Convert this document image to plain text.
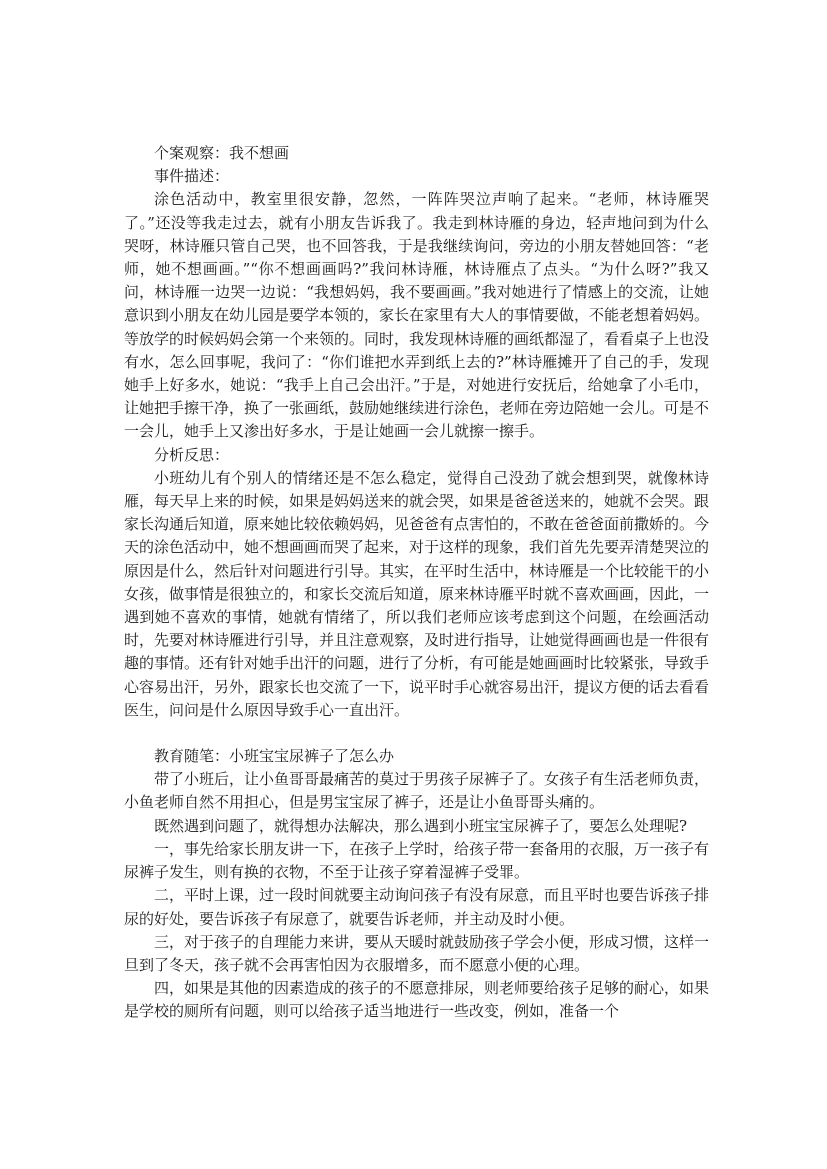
个案观察：我不想画

事件描述：

涂色活动中，教室里很安静，忽然，一阵阵哭泣声响了起来。“老师，林诗雁哭了。”还没等我走过去，就有小朋友告诉我了。我走到林诗雁的身边，轻声地问到为什么哭呀，林诗雁只管自己哭，也不回答我，于是我继续询问，旁边的小朋友替她回答：“老师，她不想画画。”“你不想画画吗?”我问林诗雁，林诗雁点了点头。“为什么呀?”我又问，林诗雁一边哭一边说：“我想妈妈，我不要画画。”我对她进行了情感上的交流，让她意识到小朋友在幼儿园是要学本领的，家长在家里有大人的事情要做，不能老想着妈妈。等放学的时候妈妈会第一个来领的。同时，我发现林诗雁的画纸都湿了，看看桌子上也没有水，怎么回事呢，我问了：“你们谁把水弄到纸上去的?”林诗雁摊开了自己的手，发现她手上好多水，她说：“我手上自己会出汗。”于是，对她进行安抚后，给她拿了小毛巾，让她把手擦干净，换了一张画纸，鼓励她继续进行涂色，老师在旁边陪她一会儿。可是不一会儿，她手上又渗出好多水，于是让她画一会儿就擦一擦手。

分析反思：

小班幼儿有个别人的情绪还是不怎么稳定，觉得自己没劲了就会想到哭，就像林诗雁，每天早上来的时候，如果是妈妈送来的就会哭，如果是爸爸送来的，她就不会哭。跟家长沟通后知道，原来她比较依赖妈妈，见爸爸有点害怕的，不敢在爸爸面前撒娇的。今天的涂色活动中，她不想画画而哭了起来，对于这样的现象，我们首先先要弄清楚哭泣的原因是什么，然后针对问题进行引导。其实，在平时生活中，林诗雁是一个比较能干的小女孩，做事情是很独立的，和家长交流后知道，原来林诗雁平时就不喜欢画画，因此，一遇到她不喜欢的事情，她就有情绪了，所以我们老师应该考虑到这个问题，在绘画活动时，先要对林诗雁进行引导，并且注意观察，及时进行指导，让她觉得画画也是一件很有趣的事情。还有针对她手出汗的问题，进行了分析，有可能是她画画时比较紧张，导致手心容易出汗，另外，跟家长也交流了一下，说平时手心就容易出汗，提议方便的话去看看医生，问问是什么原因导致手心一直出汗。

教育随笔：小班宝宝尿裤子了怎么办

带了小班后，让小鱼哥哥最痛苦的莫过于男孩子尿裤子了。女孩子有生活老师负责，小鱼老师自然不用担心，但是男宝宝尿了裤子，还是让小鱼哥哥头痛的。

既然遇到问题了，就得想办法解决，那么遇到小班宝宝尿裤子了，要怎么处理呢?

一，事先给家长朋友讲一下，在孩子上学时，给孩子带一套备用的衣服，万一孩子有尿裤子发生，则有换的衣物，不至于让孩子穿着湿裤子受罪。

二，平时上课，过一段时间就要主动询问孩子有没有尿意，而且平时也要告诉孩子排尿的好处，要告诉孩子有尿意了，就要告诉老师，并主动及时小便。

三，对于孩子的自理能力来讲，要从天暖时就鼓励孩子学会小便，形成习惯，这样一旦到了冬天，孩子就不会再害怕因为衣服增多，而不愿意小便的心理。

四，如果是其他的因素造成的孩子的不愿意排尿，则老师要给孩子足够的耐心，如果是学校的厕所有问题，则可以给孩子适当地进行一些改变，例如，准备一个
